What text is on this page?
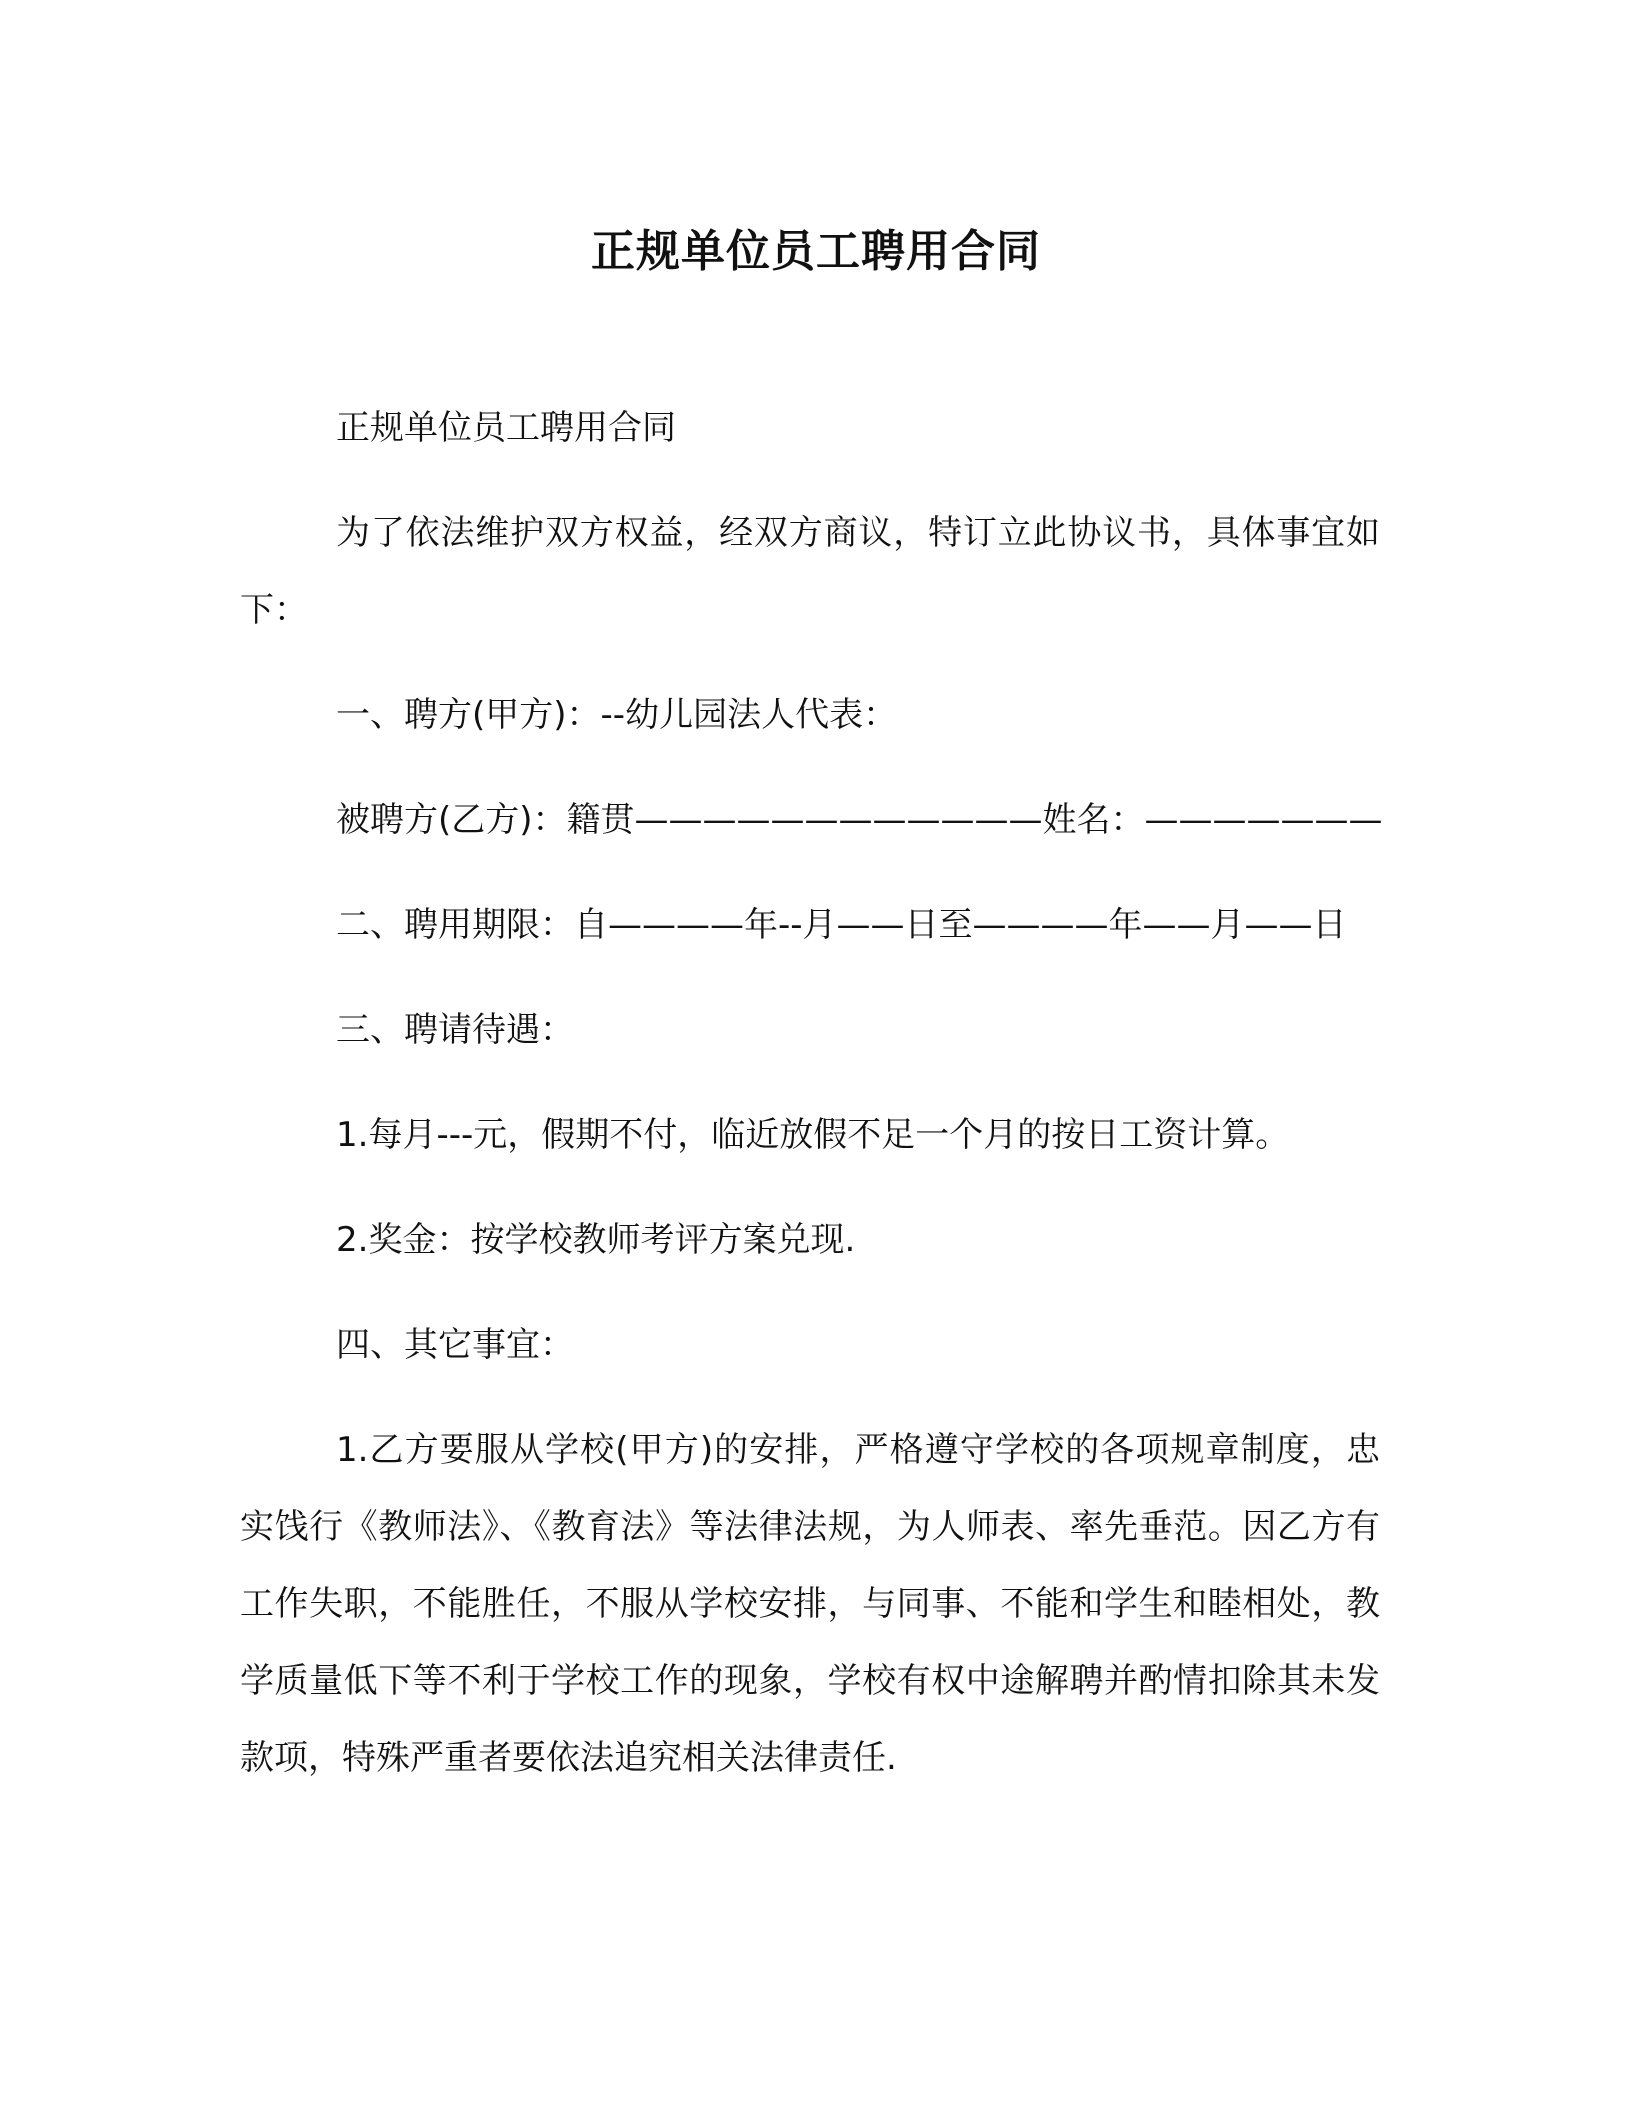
正规单位员工聘用合同

正规单位员工聘用合同

为了依法维护双方权益，经双方商议，特订立此协议书，具体事宜如下：

一、聘方(甲方)：--幼儿园法人代表：

被聘方(乙方)：籍贯————————————姓名：———————

二、聘用期限：自————年--月——日至————年——月——日

三、聘请待遇：

1.每月---元，假期不付，临近放假不足一个月的按日工资计算。

2.奖金：按学校教师考评方案兑现.

四、其它事宜：

1.乙方要服从学校(甲方)的安排，严格遵守学校的各项规章制度，忠实饯行《教师法》、《教育法》等法律法规，为人师表、率先垂范。因乙方有工作失职，不能胜任，不服从学校安排，与同事、不能和学生和睦相处，教学质量低下等不利于学校工作的现象，学校有权中途解聘并酌情扣除其未发款项，特殊严重者要依法追究相关法律责任.
